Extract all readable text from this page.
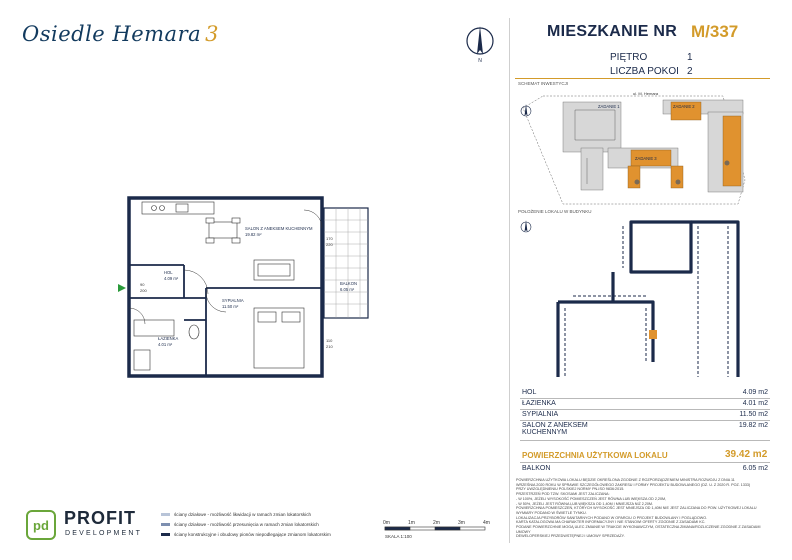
Osiedle Hemara 3
N
MIESZKANIE NR M/337
PIĘTRO	1
LICZBA POKOI 2
SCHEMAT INWESTYCJI
ul. M. Hemara
ZADANIE 1	ZADANIE 2
ZADANIE 3
POŁOŻENIE LOKALU W BUDYNKU
SALON Z ANEKSEM KUCHENNYM
19.82 m²
HOL
4.09 m²
SYPIALNIA
11.50 m²
ŁAZIENKA
4.01 m²
BALKON
6.05 m²
170
220
90
200
110
210
HOL	4.09 m2
ŁAZIENKA	4.01 m2
SYPIALNIA	11.50 m2
SALON Z ANEKSEM KUCHENNYM
19.82 m2
POWIERZCHNIA UŻYTKOWA LOKALU	39.42 m2
BALKON	6.05 m2
POWIERZCHNIA UŻYTKOWA LOKALU BĘDZIE OKREŚLONA ZGODNIE Z ROZPORZĄDZENIEM MINISTRA ROZWOJU Z DNIA 11
WRZEŚNIA 2020 ROKU W SPRAWIE SZCZEGÓŁOWEGO ZAKRESU I FORMY PROJEKTU BUDOWLANEGO (DZ. U. Z 2020 R. POZ. 1333)
PRZY UWZGLĘDNIENIU POLSKIEJ NORMY PN-ISO 9836:2015.
PRZESTRZEŃ POD TZW. SKOSAMI JEST ZALICZANA:
- W 100%, JEŻELI WYSOKOŚĆ POMIESZCZEŃ JEST RÓWNA LUB WIĘKSZA OD 2,20M,
- W 50%, JEŻELI JEST RÓWNA LUB WIĘKSZA OD 1,40M I MNIEJSZA NIŻ 2,20M.
POWIERZCHNIA POMIESZCZEŃ, KTÓRYCH WYSOKOŚĆ JEST MNIEJSZA OD 1,40M NIE JEST ZALICZANA DO POW. UŻYTKOWEJ LOKALU
WYMIARY PODANO W ŚWIETLE TYNKU.
LOKALIZACJA PRZYBORÓW SANITARNYCH PODANO W OPARCIU O PROJEKT BUDOWLANY I POGLĄDOWO.
KARTA KATALOGOWA MA CHARAKTER INFORMACYJNY I NIE STANOWI OFERTY ZGODNIE Z ZASADAMI KC.
PODANE POWIERZCHNIE MOGĄ ULEC ZMIANIE W TRAKCIE WYKONAWCZYM, OSTATECZNA ZMIANA/ROZLICZENIE ZGODNIE Z ZASADAMI UMOWY
DEWELOPERSKIEJ PRZEDWSTĘPNEJ I UMOWY SPRZEDAŻY.
pd PROFIT
DEVELOPMENT
ściany działowe - możliwość likwidacji w ramach zmian lokatorskich
ściany działowe - możliwość przesunięcia w ramach zmian lokatorskich
ściany konstrukcyjne i obudowy pionów niepodlegające zmianom lokatorskim
0m	1m	2m	3m	4m
SKALA 1:100
